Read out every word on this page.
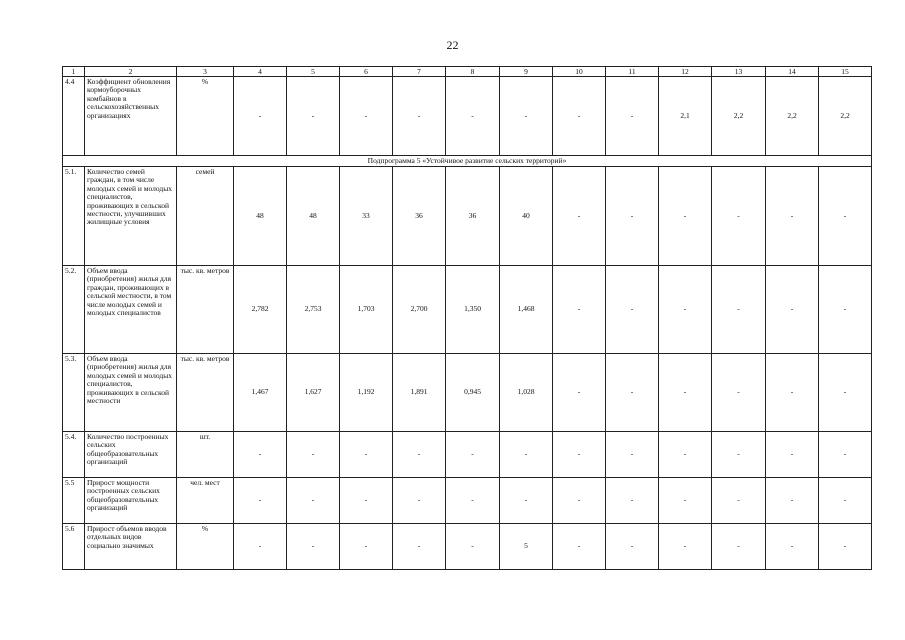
22
1	2	3	4	5	6	7	8	9	10	11	12	13	14	15
4.4	Коэффициент обновления кормоуборочных комбайнов в сельскохозяйственных организациях	%	-	-	-	-	-	-	-	-	2,1	2,2	2,2	2,2
Подпрограмма 5 «Устойчивое развитие сельских территорий»														
5.1.	Количество семей граждан, в том числе молодых семей и молодых специалистов, проживающих в сельской местности, улучшивших жилищные условия	семей	48	48	33	36	36	40	-	-	-	-	-	-
5.2.	Объем ввода (приобретения) жилья для граждан, проживающих в сельской местности, в том числе молодых семей и молодых специалистов	тыс. кв. метров	2,782	2,753	1,703	2,700	1,350	1,468	-	-	-	-	-	-
5.3.	Объем ввода (приобретения) жилья для молодых семей и молодых специалистов, проживающих в сельской местности	тыс. кв. метров	1,467	1,627	1,192	1,891	0,945	1,028	-	-	-	-	-	-
5.4.	Количество построенных сельских общеобразовательных организаций	шт.	-	-	-	-	-	-	-	-	-	-	-	-
5.5	Прирост мощности построенных сельских общеобразовательных организаций	чел. мест	-	-	-	-	-	-	-	-	-	-	-	-
5.6	Прирост объемов вводов отдельных видов социально значимых	%	-	-	-	-	-	5	-	-	-	-	-	-
